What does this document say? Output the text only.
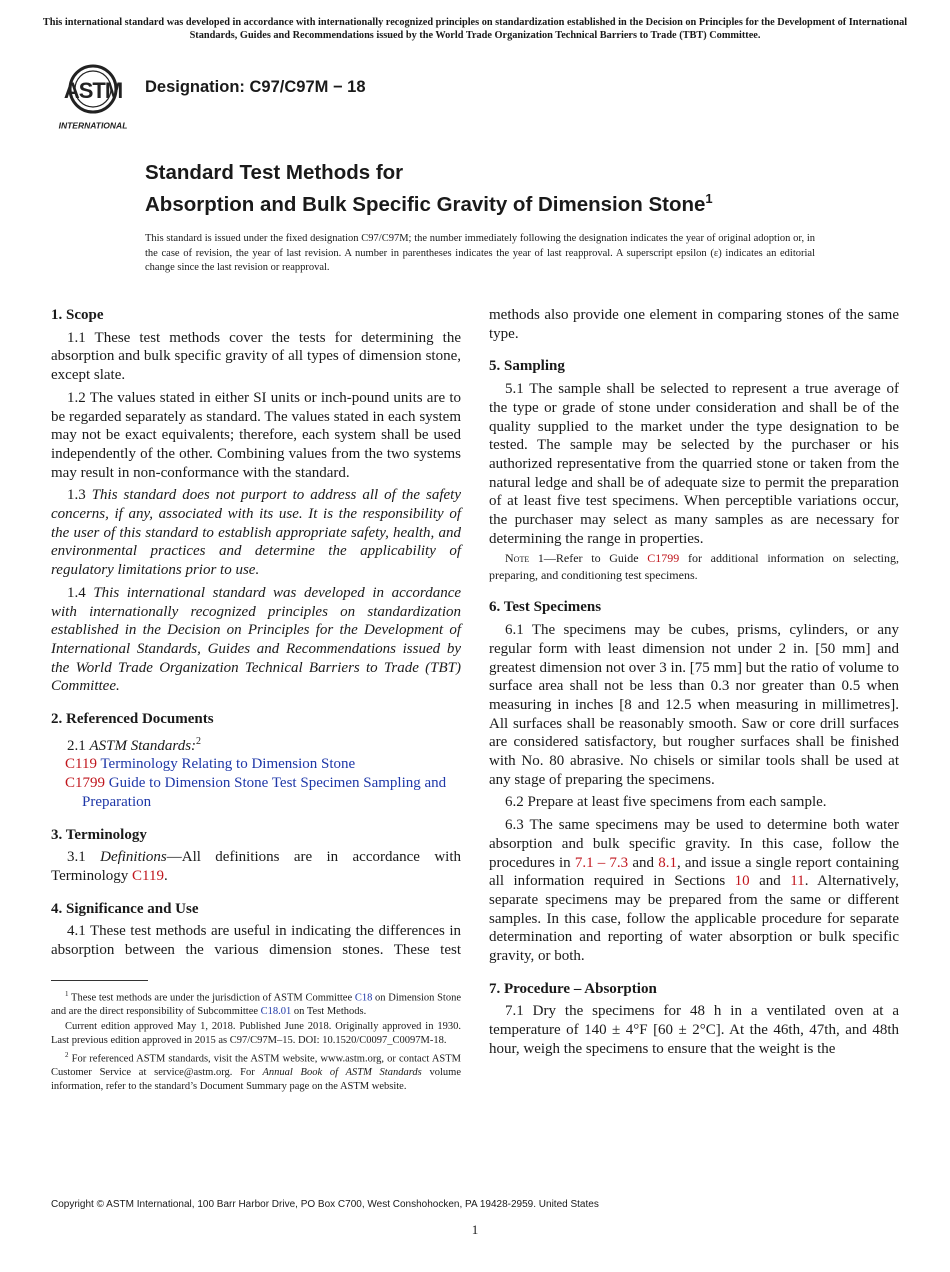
This international standard was developed in accordance with internationally recognized principles on standardization established in the Decision on Principles for the Development of International Standards, Guides and Recommendations issued by the World Trade Organization Technical Barriers to Trade (TBT) Committee.
ASTM
INTERNATIONAL
Designation: C97/C97M − 18
Standard Test Methods for
Absorption and Bulk Specific Gravity of Dimension Stone$^1$
This standard is issued under the fixed designation C97/C97M; the number immediately following the designation indicates the year of original adoption or, in the case of revision, the year of last revision. A number in parentheses indicates the year of last reapproval. A superscript epsilon (ε) indicates an editorial change since the last revision or reapproval.
1. Scope

1.1 These test methods cover the tests for determining the absorption and bulk specific gravity of all types of dimension stone, except slate.

1.2 The values stated in either SI units or inch-pound units are to be regarded separately as standard. The values stated in each system may not be exact equivalents; therefore, each system shall be used independently of the other. Combining values from the two systems may result in non-conformance with the standard.

1.3 This standard does not purport to address all of the safety concerns, if any, associated with its use. It is the responsibility of the user of this standard to establish appropriate safety, health, and environmental practices and determine the applicability of regulatory limitations prior to use.

1.4 This international standard was developed in accordance with internationally recognized principles on standardization established in the Decision on Principles for the Development of International Standards, Guides and Recommendations issued by the World Trade Organization Technical Barriers to Trade (TBT) Committee.

2. Referenced Documents

2.1 ASTM Standards:$^2$

C119 Terminology Relating to Dimension Stone

C1799 Guide to Dimension Stone Test Specimen Sampling and Preparation

3. Terminology

3.1 Definitions—All definitions are in accordance with Terminology C119.

4. Significance and Use

4.1 These test methods are useful in indicating the differences in absorption between the various dimension stones. These test

methods also provide one element in comparing stones of the same type.

5. Sampling

5.1 The sample shall be selected to represent a true average of the type or grade of stone under consideration and shall be of the quality supplied to the market under the type designation to be tested. The sample may be selected by the purchaser or his authorized representative from the quarried stone or taken from the natural ledge and shall be of adequate size to permit the preparation of at least five test specimens. When perceptible variations occur, the purchaser may select as many samples as are necessary for determining the range in properties.

Note 1—Refer to Guide C1799 for additional information on selecting, preparing, and conditioning test specimens.

6. Test Specimens

6.1 The specimens may be cubes, prisms, cylinders, or any regular form with least dimension not under 2 in. [50 mm] and greatest dimension not over 3 in. [75 mm] but the ratio of volume to surface area shall not be less than 0.3 nor greater than 0.5 when measuring in inches [8 and 12.5 when measuring in millimetres]. All surfaces shall be reasonably smooth. Saw or core drill surfaces are considered satisfactory, but rougher surfaces shall be finished with No. 80 abrasive. No chisels or similar tools shall be used at any stage of preparing the specimens.

6.2 Prepare at least five specimens from each sample.

6.3 The same specimens may be used to determine both water absorption and bulk specific gravity. In this case, follow the procedures in 7.1 – 7.3 and 8.1, and issue a single report containing all information required in Sections 10 and 11. Alternatively, separate specimens may be prepared from the same or different samples. In this case, follow the applicable procedure for separate determination and reporting of water absorption or bulk specific gravity, or both.

7. Procedure – Absorption

7.1 Dry the specimens for 48 h in a ventilated oven at a temperature of 140 ± 4°F [60 ± 2°C]. At the 46th, 47th, and 48th hour, weigh the specimens to ensure that the weight is the

$^1$ These test methods are under the jurisdiction of ASTM Committee C18 on Dimension Stone and are the direct responsibility of Subcommittee C18.01 on Test Methods.

Current edition approved May 1, 2018. Published June 2018. Originally approved in 1930. Last previous edition approved in 2015 as C97/C97M–15. DOI: 10.1520/C0097_C0097M-18.

$^2$ For referenced ASTM standards, visit the ASTM website, www.astm.org, or contact ASTM Customer Service at service@astm.org. For Annual Book of ASTM Standards volume information, refer to the standard’s Document Summary page on the ASTM website.

Copyright © ASTM International, 100 Barr Harbor Drive, PO Box C700, West Conshohocken, PA 19428-2959. United States
1
